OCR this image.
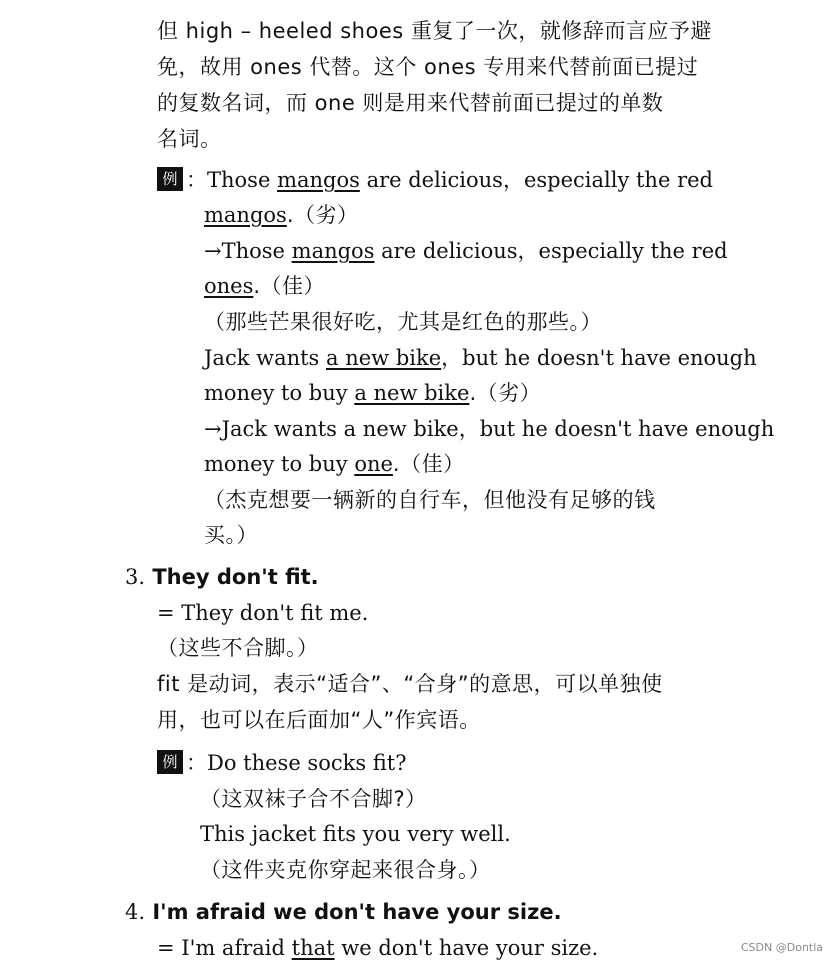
但 high – heeled shoes 重复了一次，就修辞而言应予避
免，故用 ones 代替。这个 ones 专用来代替前面已提过
的复数名词，而 one 则是用来代替前面已提过的单数
名词。
例 ：Those mangos are delicious，especially the red
mangos.（劣）
→Those mangos are delicious，especially the red
ones.（佳）
（那些芒果很好吃，尤其是红色的那些。）
Jack wants a new bike，but he doesn't have enough
money to buy a new bike.（劣）
→Jack wants a new bike，but he doesn't have enough
money to buy one.（佳）
（杰克想要一辆新的自行车，但他没有足够的钱
买。）
3. They don't fit.
= They don't fit me.
（这些不合脚。）
fit 是动词，表示“适合”、“合身”的意思，可以单独使
用，也可以在后面加“人”作宾语。
例 ：Do these socks fit?
（这双袜子合不合脚?）
This jacket fits you very well.
（这件夹克你穿起来很合身。）
4. I'm afraid we don't have your size.
= I'm afraid that we don't have your size.	CSDN @Dontla
